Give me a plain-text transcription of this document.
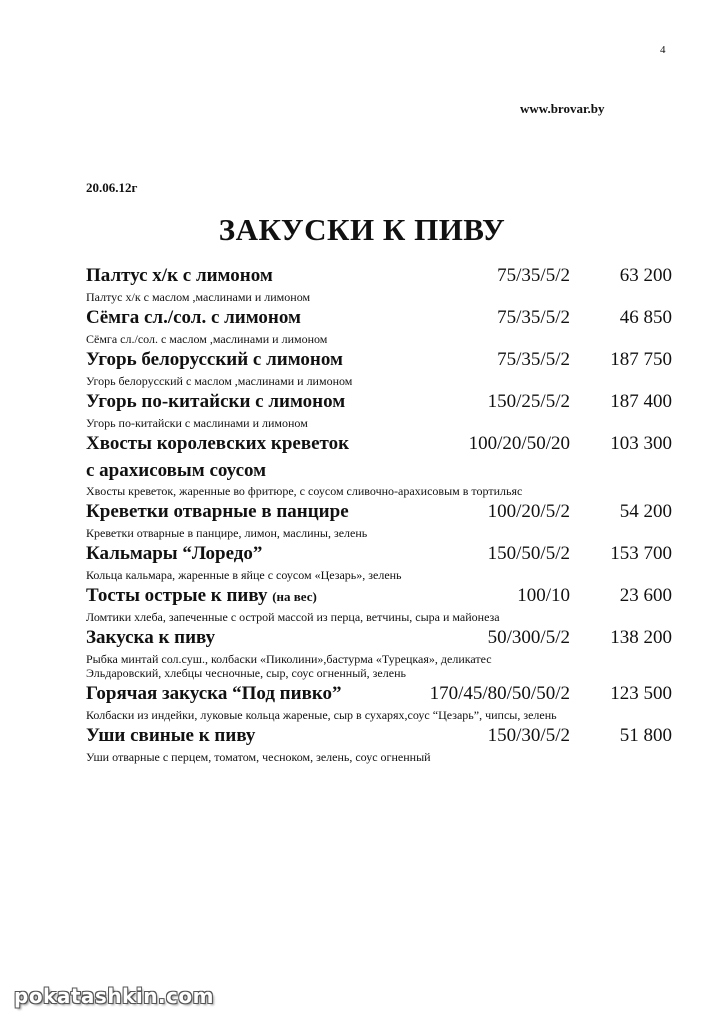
4
www.brovar.by
20.06.12г
ЗАКУСКИ К ПИВУ
Палтус х/к с лимоном	75/35/5/2	63 200
Палтус х/к с маслом ,маслинами и лимоном
Сёмга сл./сол. с лимоном	75/35/5/2	46 850
Сёмга сл./сол. с маслом ,маслинами и лимоном
Угорь белорусский с лимоном	75/35/5/2 187 750
Угорь белорусский с маслом ,маслинами и лимоном
Угорь по-китайски с лимоном	150/25/5/2 187 400
Угорь по-китайски с маслинами и лимоном
Хвосты королевских креветок	100/20/50/20 103 300
с арахисовым соусом
Хвосты креветок, жаренные во фритюре, с соусом сливочно-арахисовым в тортильяс
Креветки отварные в панцире	100/20/5/2	54 200
Креветки отварные в панцире, лимон, маслины, зелень
Кальмары “Лоредо”	150/50/5/2 153 700
Кольца кальмара, жаренные в яйце с соусом «Цезарь», зелень
Тосты острые к пиву (на вес)	100/10	23 600
Ломтики хлеба, запеченные с острой массой из перца, ветчины, сыра и майонеза
Закуска к пиву	50/300/5/2 138 200
Рыбка минтай сол.суш., колбаски «Пиколини»,бастурма «Турецкая», деликатес
Эльдаровский, хлебцы чесночные, сыр, соус огненный, зелень
Горячая закуска “Под пивко”	170/45/80/50/50/2 123 500
Колбаски из индейки, луковые кольца жареные, сыр в сухарях,соус “Цезарь”, чипсы, зелень
Уши свиные к пиву	150/30/5/2	51 800
Уши отварные с перцем, томатом, чесноком, зелень, соус огненный
pokatashkin.com
